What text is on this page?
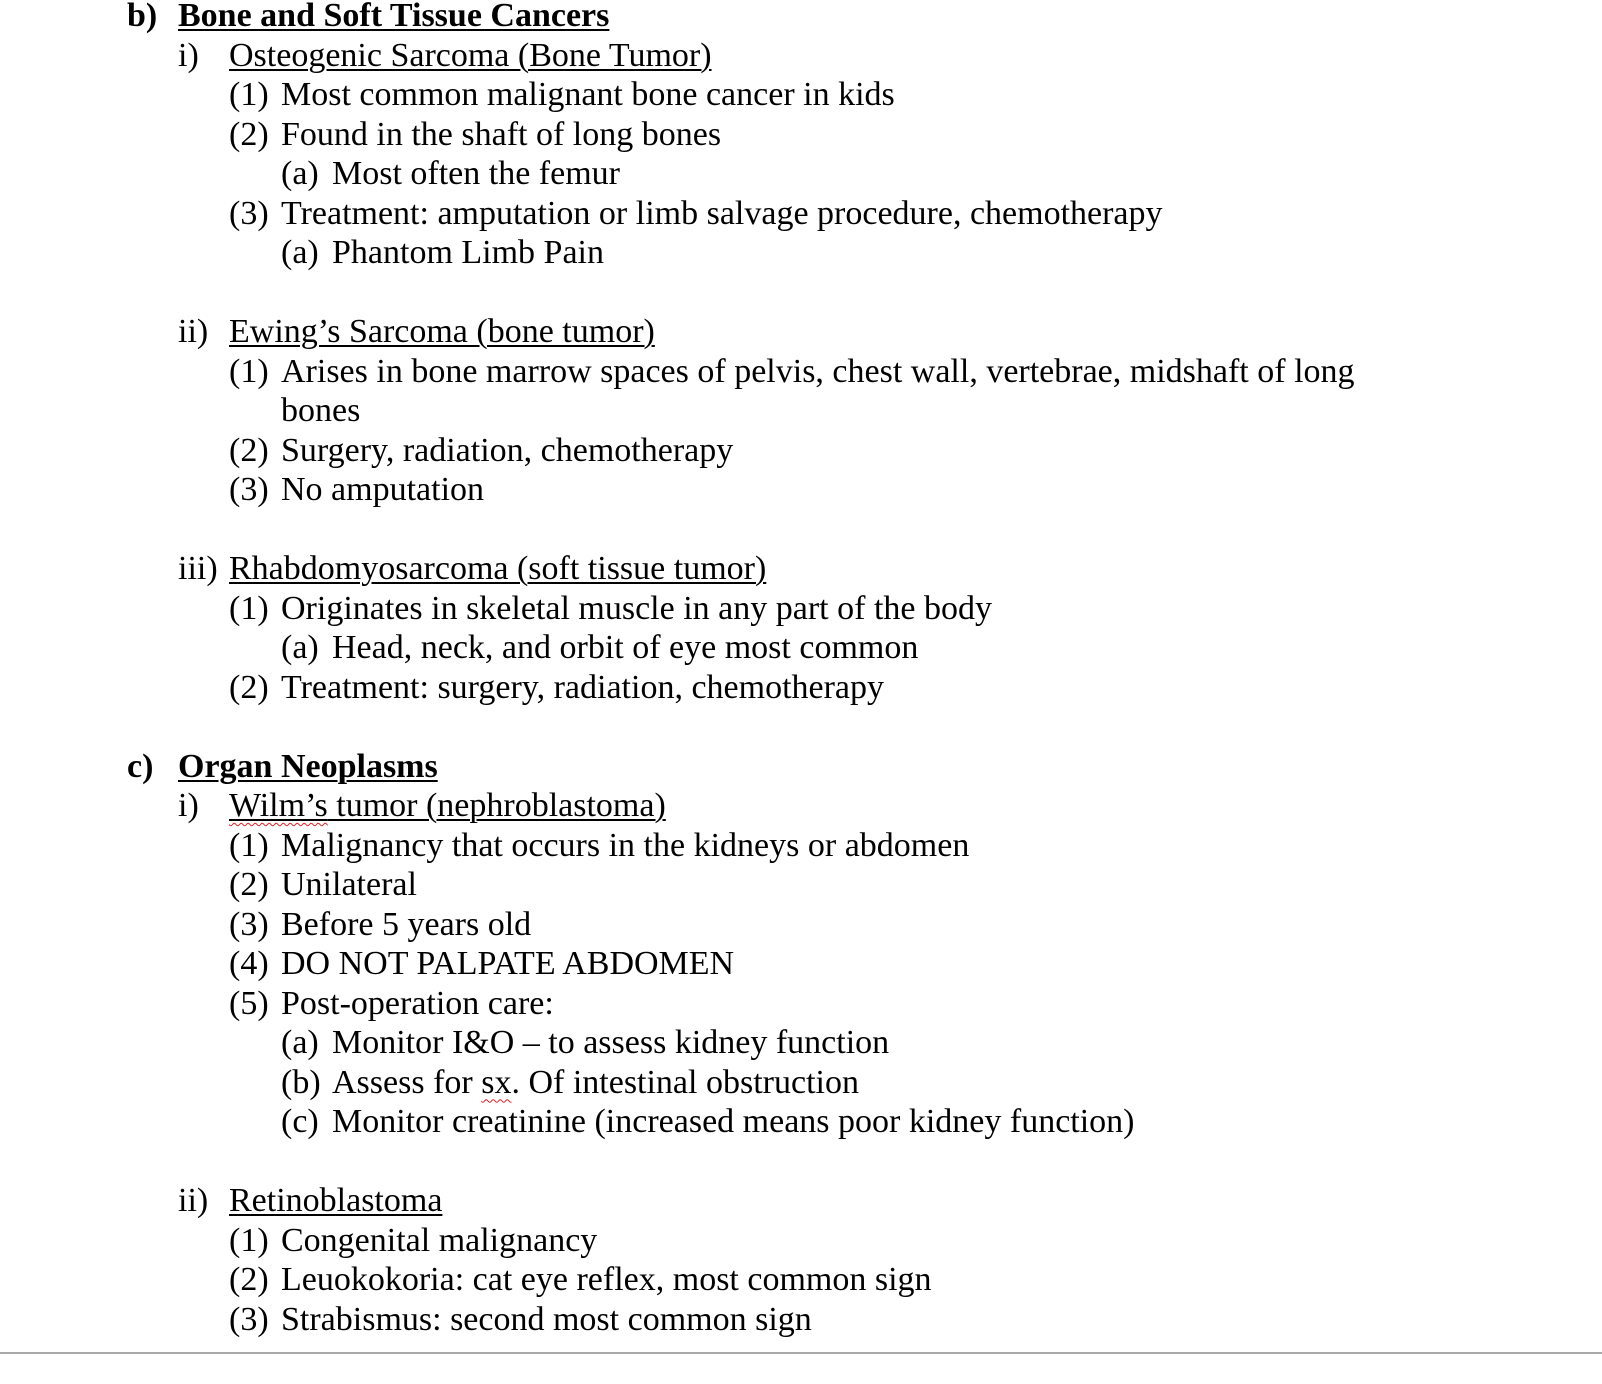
b) Bone and Soft Tissue Cancers
i) Osteogenic Sarcoma (Bone Tumor)
(1) Most common malignant bone cancer in kids
(2) Found in the shaft of long bones
(a) Most often the femur
(3) Treatment: amputation or limb salvage procedure, chemotherapy
(a) Phantom Limb Pain
ii) Ewing’s Sarcoma (bone tumor)
(1) Arises in bone marrow spaces of pelvis, chest wall, vertebrae, midshaft of long bones
(2) Surgery, radiation, chemotherapy
(3) No amputation
iii) Rhabdomyosarcoma (soft tissue tumor)
(1) Originates in skeletal muscle in any part of the body
(a) Head, neck, and orbit of eye most common
(2) Treatment: surgery, radiation, chemotherapy
c) Organ Neoplasms
i) Wilm’s tumor (nephroblastoma)
(1) Malignancy that occurs in the kidneys or abdomen
(2) Unilateral
(3) Before 5 years old
(4) DO NOT PALPATE ABDOMEN
(5) Post-operation care:
(a) Monitor I&O – to assess kidney function
(b) Assess for sx. Of intestinal obstruction
(c) Monitor creatinine (increased means poor kidney function)
ii) Retinoblastoma
(1) Congenital malignancy
(2) Leuokokoria: cat eye reflex, most common sign
(3) Strabismus: second most common sign
